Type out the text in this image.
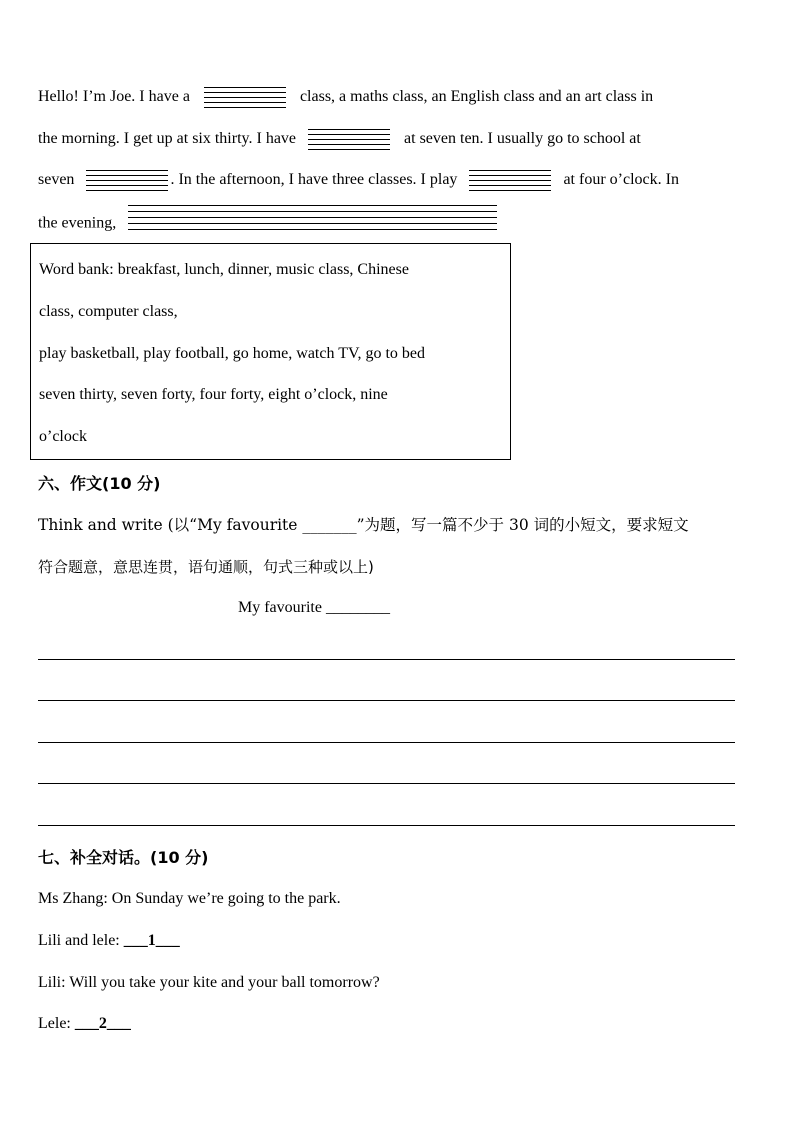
Hello! I’m Joe. I have a	class, a maths class, an English class and an art class in
the morning. I get up at six thirty. I have	at seven ten. I usually go to school at
seven	. In the afternoon, I have three classes. I play	at four o’clock. In
the evening,
Word bank: breakfast, lunch, dinner, music class, Chinese
class, computer class,
play basketball, play football, go home, watch TV, go to bed
seven thirty, seven forty, four forty, eight o’clock, nine
o’clock
六、作文(10 分)
Think and write (以“My favourite _______”为题，写一篇不少于 30 词的小短文，要求短文
符合题意，意思连贯，语句通顺，句式三种或以上)
My favourite ________
七、补全对话。(10 分)
Ms Zhang: On Sunday we’re going to the park.
Lili and lele: ___1___
Lili: Will you take your kite and your ball tomorrow?
Lele: ___2___
